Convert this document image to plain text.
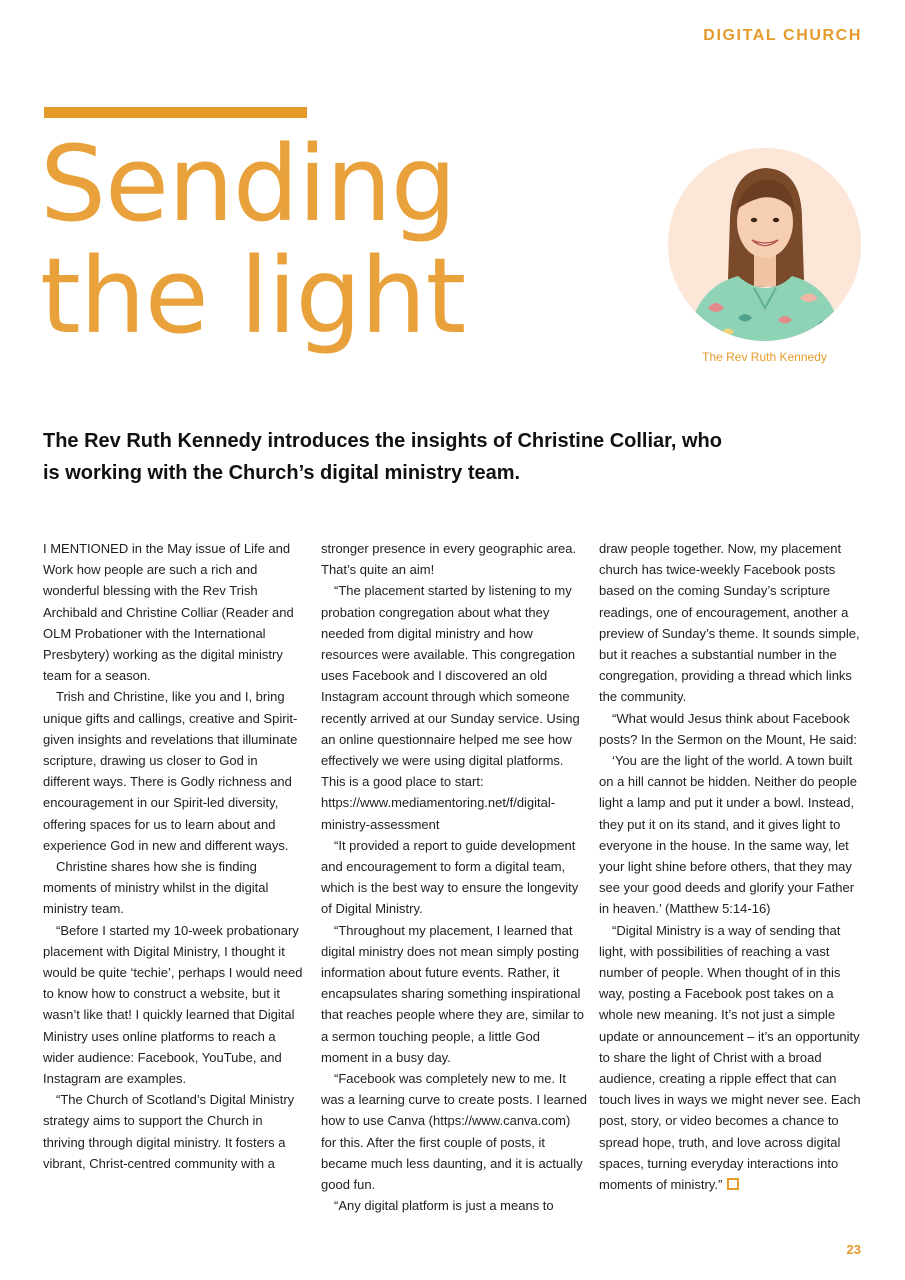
DIGITAL CHURCH
Sending
the light	The Rev Ruth Kennedy

The Rev Ruth Kennedy introduces the insights of Christine Colliar, who is working with the Church’s digital ministry team.

I MENTIONED in the May issue of Life and Work how people are such a rich and wonderful blessing with the Rev Trish Archibald and Christine Colliar (Reader and OLM Probationer with the International Presbytery) working as the digital ministry team for a season.

Trish and Christine, like you and I, bring unique gifts and callings, creative and Spirit-given insights and revelations that illuminate scripture, drawing us closer to God in different ways. There is Godly richness and encouragement in our Spirit-led diversity, offering spaces for us to learn about and experience God in new and different ways.

Christine shares how she is finding moments of ministry whilst in the digital ministry team.

“Before I started my 10-week probationary placement with Digital Ministry, I thought it would be quite ‘techie’, perhaps I would need to know how to construct a website, but it wasn’t like that! I quickly learned that Digital Ministry uses online platforms to reach a wider audience: Facebook, YouTube, and Instagram are examples.

“The Church of Scotland’s Digital Ministry strategy aims to support the Church in thriving through digital ministry. It fosters a vibrant, Christ-centred community with a

stronger presence in every geographic area. That’s quite an aim!

“The placement started by listening to my probation congregation about what they needed from digital ministry and how resources were available. This congregation uses Facebook and I discovered an old Instagram account through which someone recently arrived at our Sunday service. Using an online questionnaire helped me see how effectively we were using digital platforms. This is a good place to start: https://www.mediamentoring.net/f/digital-ministry-assessment

“It provided a report to guide development and encouragement to form a digital team, which is the best way to ensure the longevity of Digital Ministry.

“Throughout my placement, I learned that digital ministry does not mean simply posting information about future events. Rather, it encapsulates sharing something inspirational that reaches people where they are, similar to a sermon touching people, a little God moment in a busy day.

“Facebook was completely new to me. It was a learning curve to create posts. I learned how to use Canva (https://www.canva.com) for this. After the first couple of posts, it became much less daunting, and it is actually good fun.

“Any digital platform is just a means to

draw people together. Now, my placement church has twice-weekly Facebook posts based on the coming Sunday’s scripture readings, one of encouragement, another a preview of Sunday’s theme. It sounds simple, but it reaches a substantial number in the congregation, providing a thread which links the community.

“What would Jesus think about Facebook posts? In the Sermon on the Mount, He said:

‘You are the light of the world. A town built on a hill cannot be hidden. Neither do people light a lamp and put it under a bowl. Instead, they put it on its stand, and it gives light to everyone in the house. In the same way, let your light shine before others, that they may see your good deeds and glorify your Father in heaven.’ (Matthew 5:14-16)

“Digital Ministry is a way of sending that light, with possibilities of reaching a vast number of people. When thought of in this way, posting a Facebook post takes on a whole new meaning. It’s not just a simple update or announcement – it’s an opportunity to share the light of Christ with a broad audience, creating a ripple effect that can touch lives in ways we might never see. Each post, story, or video becomes a chance to spread hope, truth, and love across digital spaces, turning everyday interactions into moments of ministry.”

23
